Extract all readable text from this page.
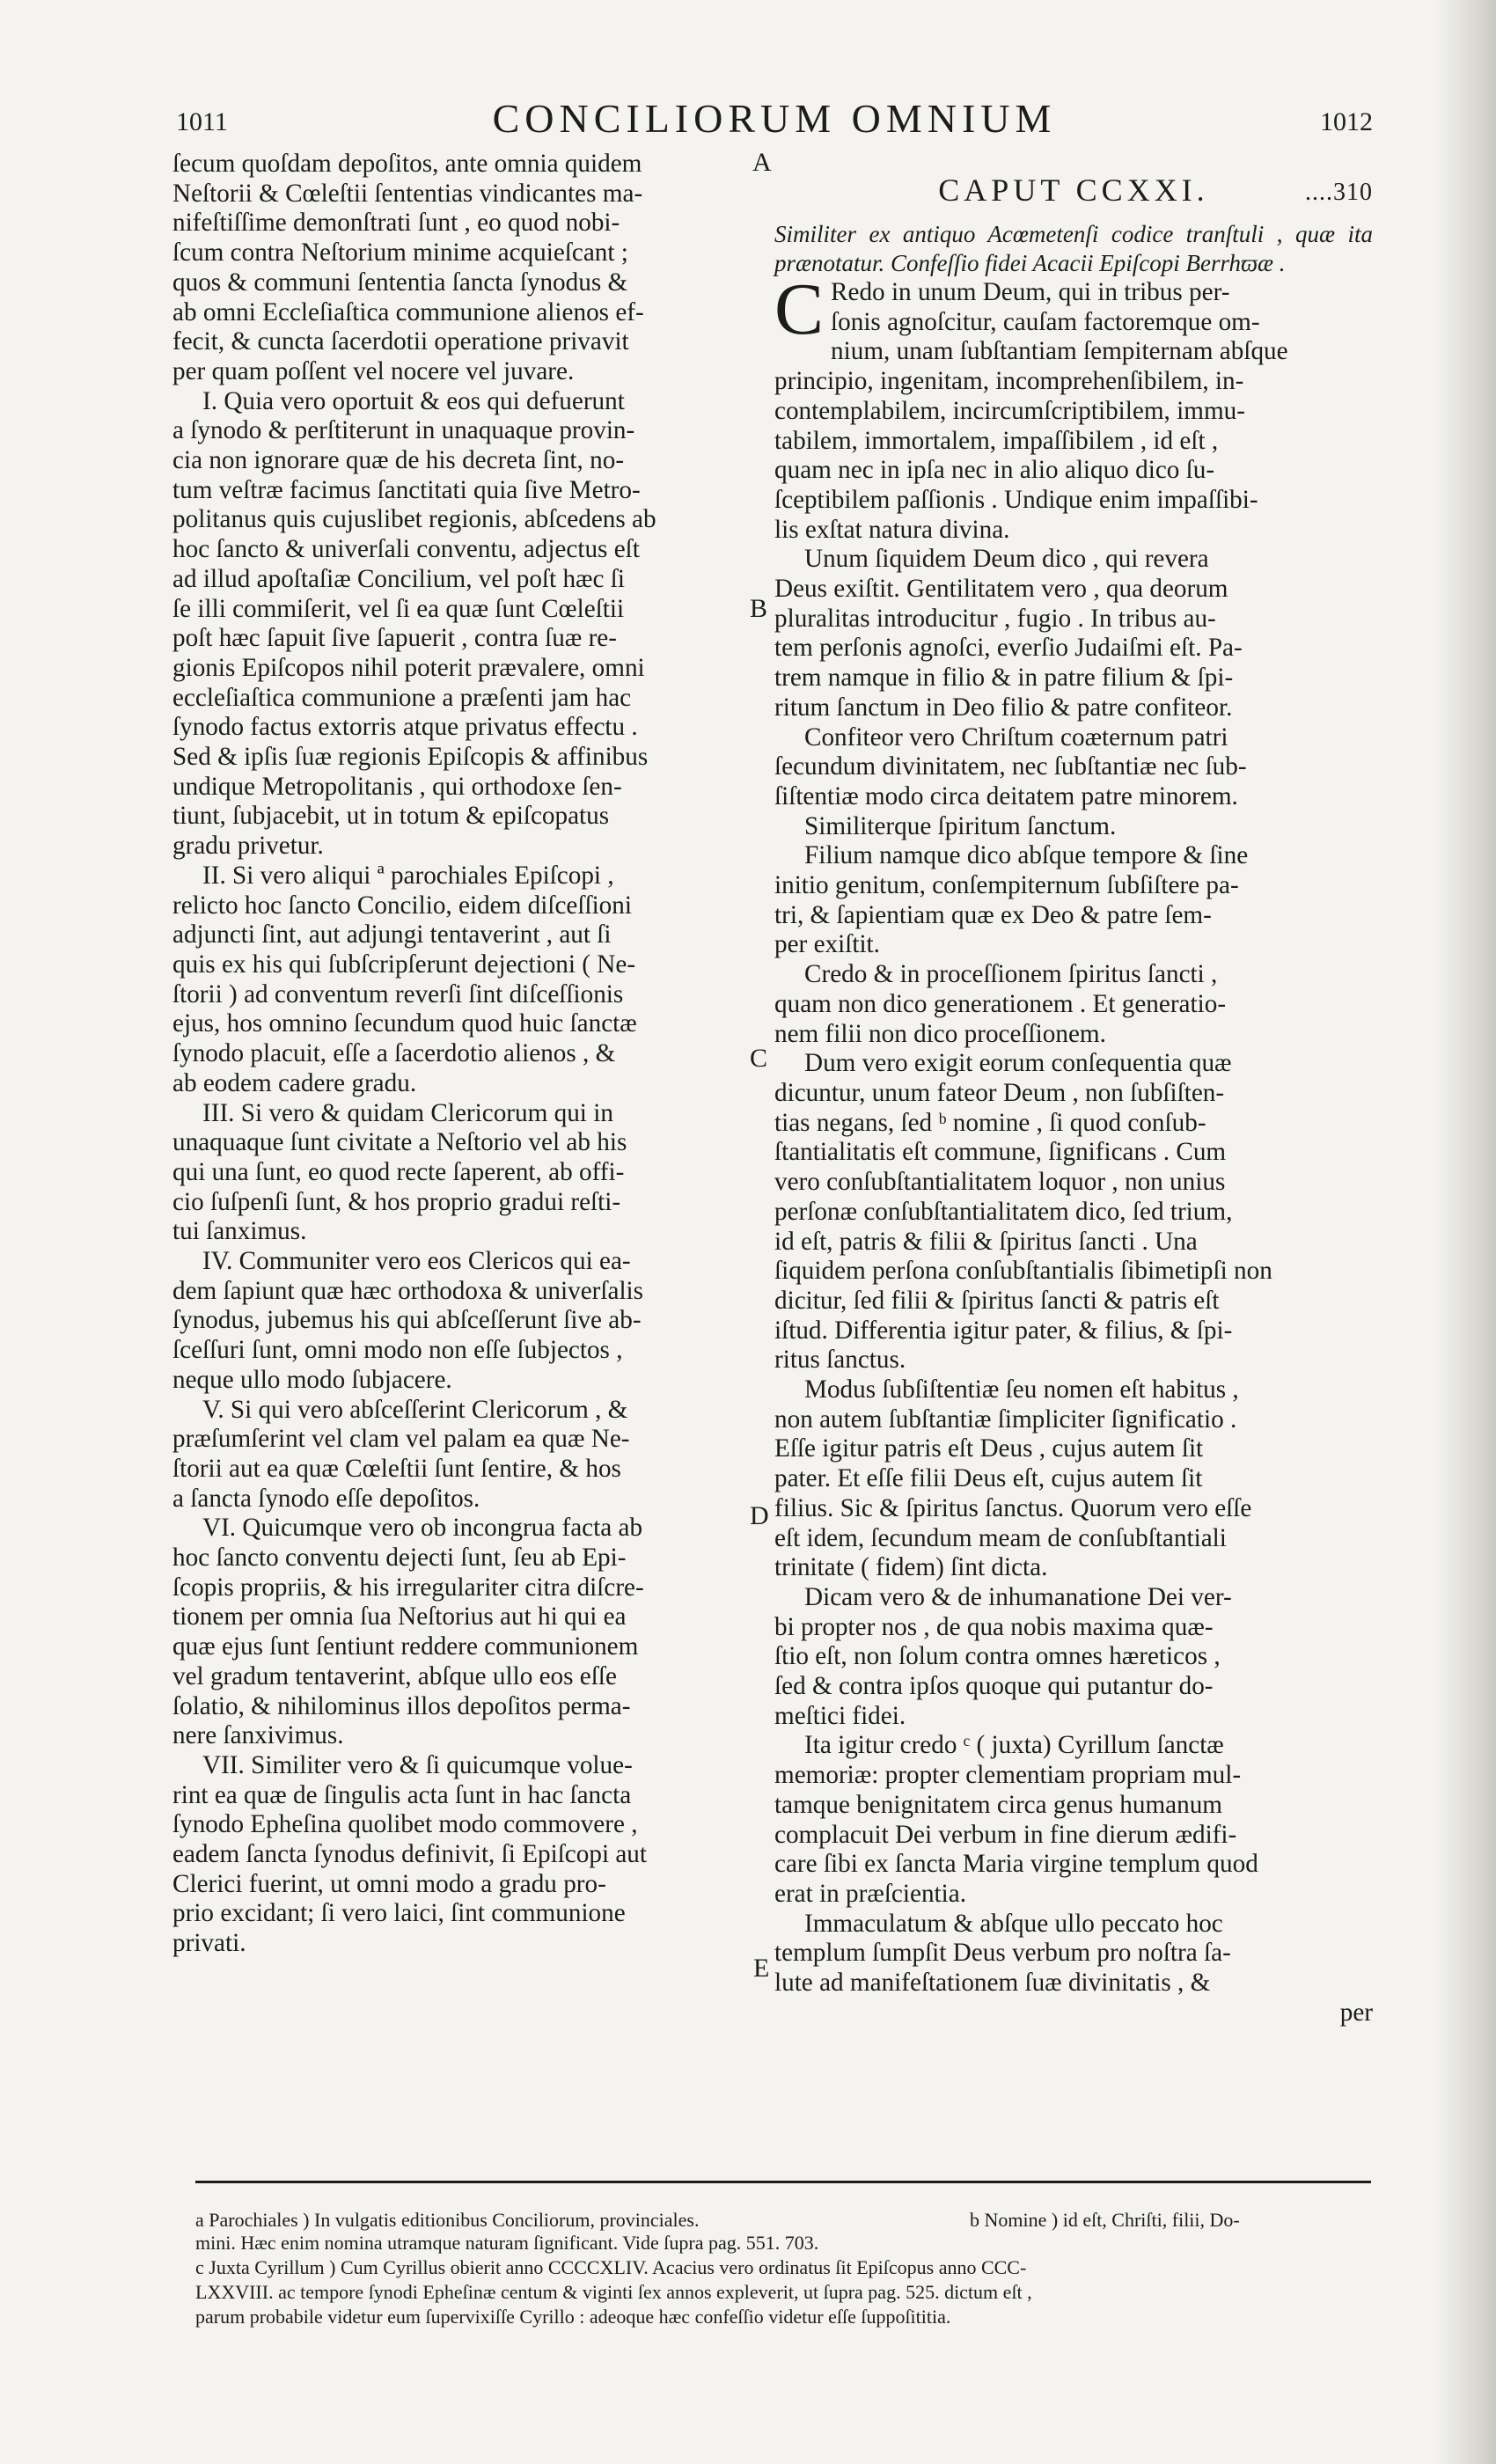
1011	CONCILIORUM OMNIUM	1012

ſecum quoſdam depoſitos, ante omnia quidem
Neſtorii & Cœleſtii ſententias vindicantes ma-
nifeſtiſſime demonſtrati ſunt , eo quod nobi-
ſcum contra Neſtorium minime acquieſcant ;
quos & communi ſententia ſancta ſynodus &
ab omni Eccleſiaſtica communione alienos ef-
fecit, & cuncta ſacerdotii operatione privavit
per quam poſſent vel nocere vel juvare.

I. Quia vero oportuit & eos qui defuerunt
a ſynodo & perſtiterunt in unaquaque provin-
cia non ignorare quæ de his decreta ſint, no-
tum veſtræ facimus ſanctitati quia ſive Metro-
politanus quis cujuslibet regionis, abſcedens ab
hoc ſancto & univerſali conventu, adjectus eſt
ad illud apoſtaſiæ Concilium, vel poſt hæc ſi
ſe illi commiſerit, vel ſi ea quæ ſunt Cœleſtii
poſt hæc ſapuit ſive ſapuerit , contra ſuæ re-
gionis Epiſcopos nihil poterit prævalere, omni
eccleſiaſtica communione a præſenti jam hac
ſynodo factus extorris atque privatus effectu .
Sed & ipſis ſuæ regionis Epiſcopis & affinibus
undique Metropolitanis , qui orthodoxe ſen-
tiunt, ſubjacebit, ut in totum & epiſcopatus
gradu privetur.

II. Si vero aliqui ª parochiales Epiſcopi ,
relicto hoc ſancto Concilio, eidem diſceſſioni
adjuncti ſint, aut adjungi tentaverint , aut ſi
quis ex his qui ſubſcripſerunt dejectioni ( Ne-
ſtorii ) ad conventum reverſi ſint diſceſſionis
ejus, hos omnino ſecundum quod huic ſanctæ
ſynodo placuit, eſſe a ſacerdotio alienos , &
ab eodem cadere gradu.

III. Si vero & quidam Clericorum qui in
unaquaque ſunt civitate a Neſtorio vel ab his
qui una ſunt, eo quod recte ſaperent, ab offi-
cio ſuſpenſi ſunt, & hos proprio gradui reſti-
tui ſanximus.

IV. Communiter vero eos Clericos qui ea-
dem ſapiunt quæ hæc orthodoxa & univerſalis
ſynodus, jubemus his qui abſceſſerunt ſive ab-
ſceſſuri ſunt, omni modo non eſſe ſubjectos ,
neque ullo modo ſubjacere.

V. Si qui vero abſceſſerint Clericorum , &
præſumſerint vel clam vel palam ea quæ Ne-
ſtorii aut ea quæ Cœleſtii ſunt ſentire, & hos
a ſancta ſynodo eſſe depoſitos.

VI. Quicumque vero ob incongrua facta ab
hoc ſancto conventu dejecti ſunt, ſeu ab Epi-
ſcopis propriis, & his irregulariter citra diſcre-
tionem per omnia ſua Neſtorius aut hi qui ea
quæ ejus ſunt ſentiunt reddere communionem
vel gradum tentaverint, abſque ullo eos eſſe
ſolatio, & nihilominus illos depoſitos perma-
nere ſanxivimus.

VII. Similiter vero & ſi quicumque volue-
rint ea quæ de ſingulis acta ſunt in hac ſancta
ſynodo Epheſina quolibet modo commovere ,
eadem ſancta ſynodus definivit, ſi Epiſcopi aut
Clerici fuerint, ut omni modo a gradu pro-
prio excidant; ſi vero laici, ſint communione
privati.

CAPUT CCXXI.	....310

Similiter ex antiquo Acœmetenſi codice tranſtuli , quæ ita prænotatur. Confeſſio fidei Acacii Epiſcopi Berrhϖæ .

C Redo in unum Deum, qui in tribus per-
ſonis agnoſcitur, cauſam factoremque om-
nium, unam ſubſtantiam ſempiternam abſque
principio, ingenitam, incomprehenſibilem, in-
contemplabilem, incircumſcriptibilem, immu-
tabilem, immortalem, impaſſibilem , id eſt ,
quam nec in ipſa nec in alio aliquo dico ſu-
ſceptibilem paſſionis . Undique enim impaſſibi-
lis exſtat natura divina.

Unum ſiquidem Deum dico , qui revera
Deus exiſtit. Gentilitatem vero , qua deorum
pluralitas introducitur , fugio . In tribus au-
tem perſonis agnoſci, everſio Judaiſmi eſt. Pa-
trem namque in filio & in patre filium & ſpi-
ritum ſanctum in Deo filio & patre confiteor.

Confiteor vero Chriſtum coæternum patri
ſecundum divinitatem, nec ſubſtantiæ nec ſub-
ſiſtentiæ modo circa deitatem patre minorem.

Similiterque ſpiritum ſanctum.

Filium namque dico abſque tempore & ſine
initio genitum, conſempiternum ſubſiſtere pa-
tri, & ſapientiam quæ ex Deo & patre ſem-
per exiſtit.

Credo & in proceſſionem ſpiritus ſancti ,
quam non dico generationem . Et generatio-
nem filii non dico proceſſionem.

Dum vero exigit eorum conſequentia quæ
dicuntur, unum fateor Deum , non ſubſiſten-
tias negans, ſed ᵇ nomine , ſi quod conſub-
ſtantialitatis eſt commune, ſignificans . Cum
vero conſubſtantialitatem loquor , non unius
perſonæ conſubſtantialitatem dico, ſed trium,
id eſt, patris & filii & ſpiritus ſancti . Una
ſiquidem perſona conſubſtantialis ſibimetipſi non
dicitur, ſed filii & ſpiritus ſancti & patris eſt
iſtud. Differentia igitur pater, & filius, & ſpi-
ritus ſanctus.

Modus ſubſiſtentiæ ſeu nomen eſt habitus ,
non autem ſubſtantiæ ſimpliciter ſignificatio .
Eſſe igitur patris eſt Deus , cujus autem ſit
pater. Et eſſe filii Deus eſt, cujus autem ſit
filius. Sic & ſpiritus ſanctus. Quorum vero eſſe
eſt idem, ſecundum meam de conſubſtantiali
trinitate ( fidem) ſint dicta.

Dicam vero & de inhumanatione Dei ver-
bi propter nos , de qua nobis maxima quæ-
ſtio eſt, non ſolum contra omnes hæreticos ,
ſed & contra ipſos quoque qui putantur do-
meſtici fidei.

Ita igitur credo ᶜ ( juxta) Cyrillum ſanctæ
memoriæ: propter clementiam propriam mul-
tamque benignitatem circa genus humanum
complacuit Dei verbum in fine dierum ædifi-
care ſibi ex ſancta Maria virgine templum quod
erat in præſcientia.

Immaculatum & abſque ullo peccato hoc
templum ſumpſit Deus verbum pro noſtra ſa-
lute ad manifeſtationem ſuæ divinitatis , &

per

A
B
C
D
E
a Parochiales ) In vulgatis editionibus Conciliorum, provinciales.	b Nomine ) id eſt, Chriſti, filii, Do-

mini. Hæc enim nomina utramque naturam ſignificant. Vide ſupra pag. 551. 703.

c Juxta Cyrillum ) Cum Cyrillus obierit anno CCCCXLIV. Acacius vero ordinatus ſit Epiſcopus anno CCC-

LXXVIII. ac tempore ſynodi Epheſinæ centum & viginti ſex annos expleverit, ut ſupra pag. 525. dictum eſt ,

parum probabile videtur eum ſupervixiſſe Cyrillo : adeoque hæc confeſſio videtur eſſe ſuppoſititia.
